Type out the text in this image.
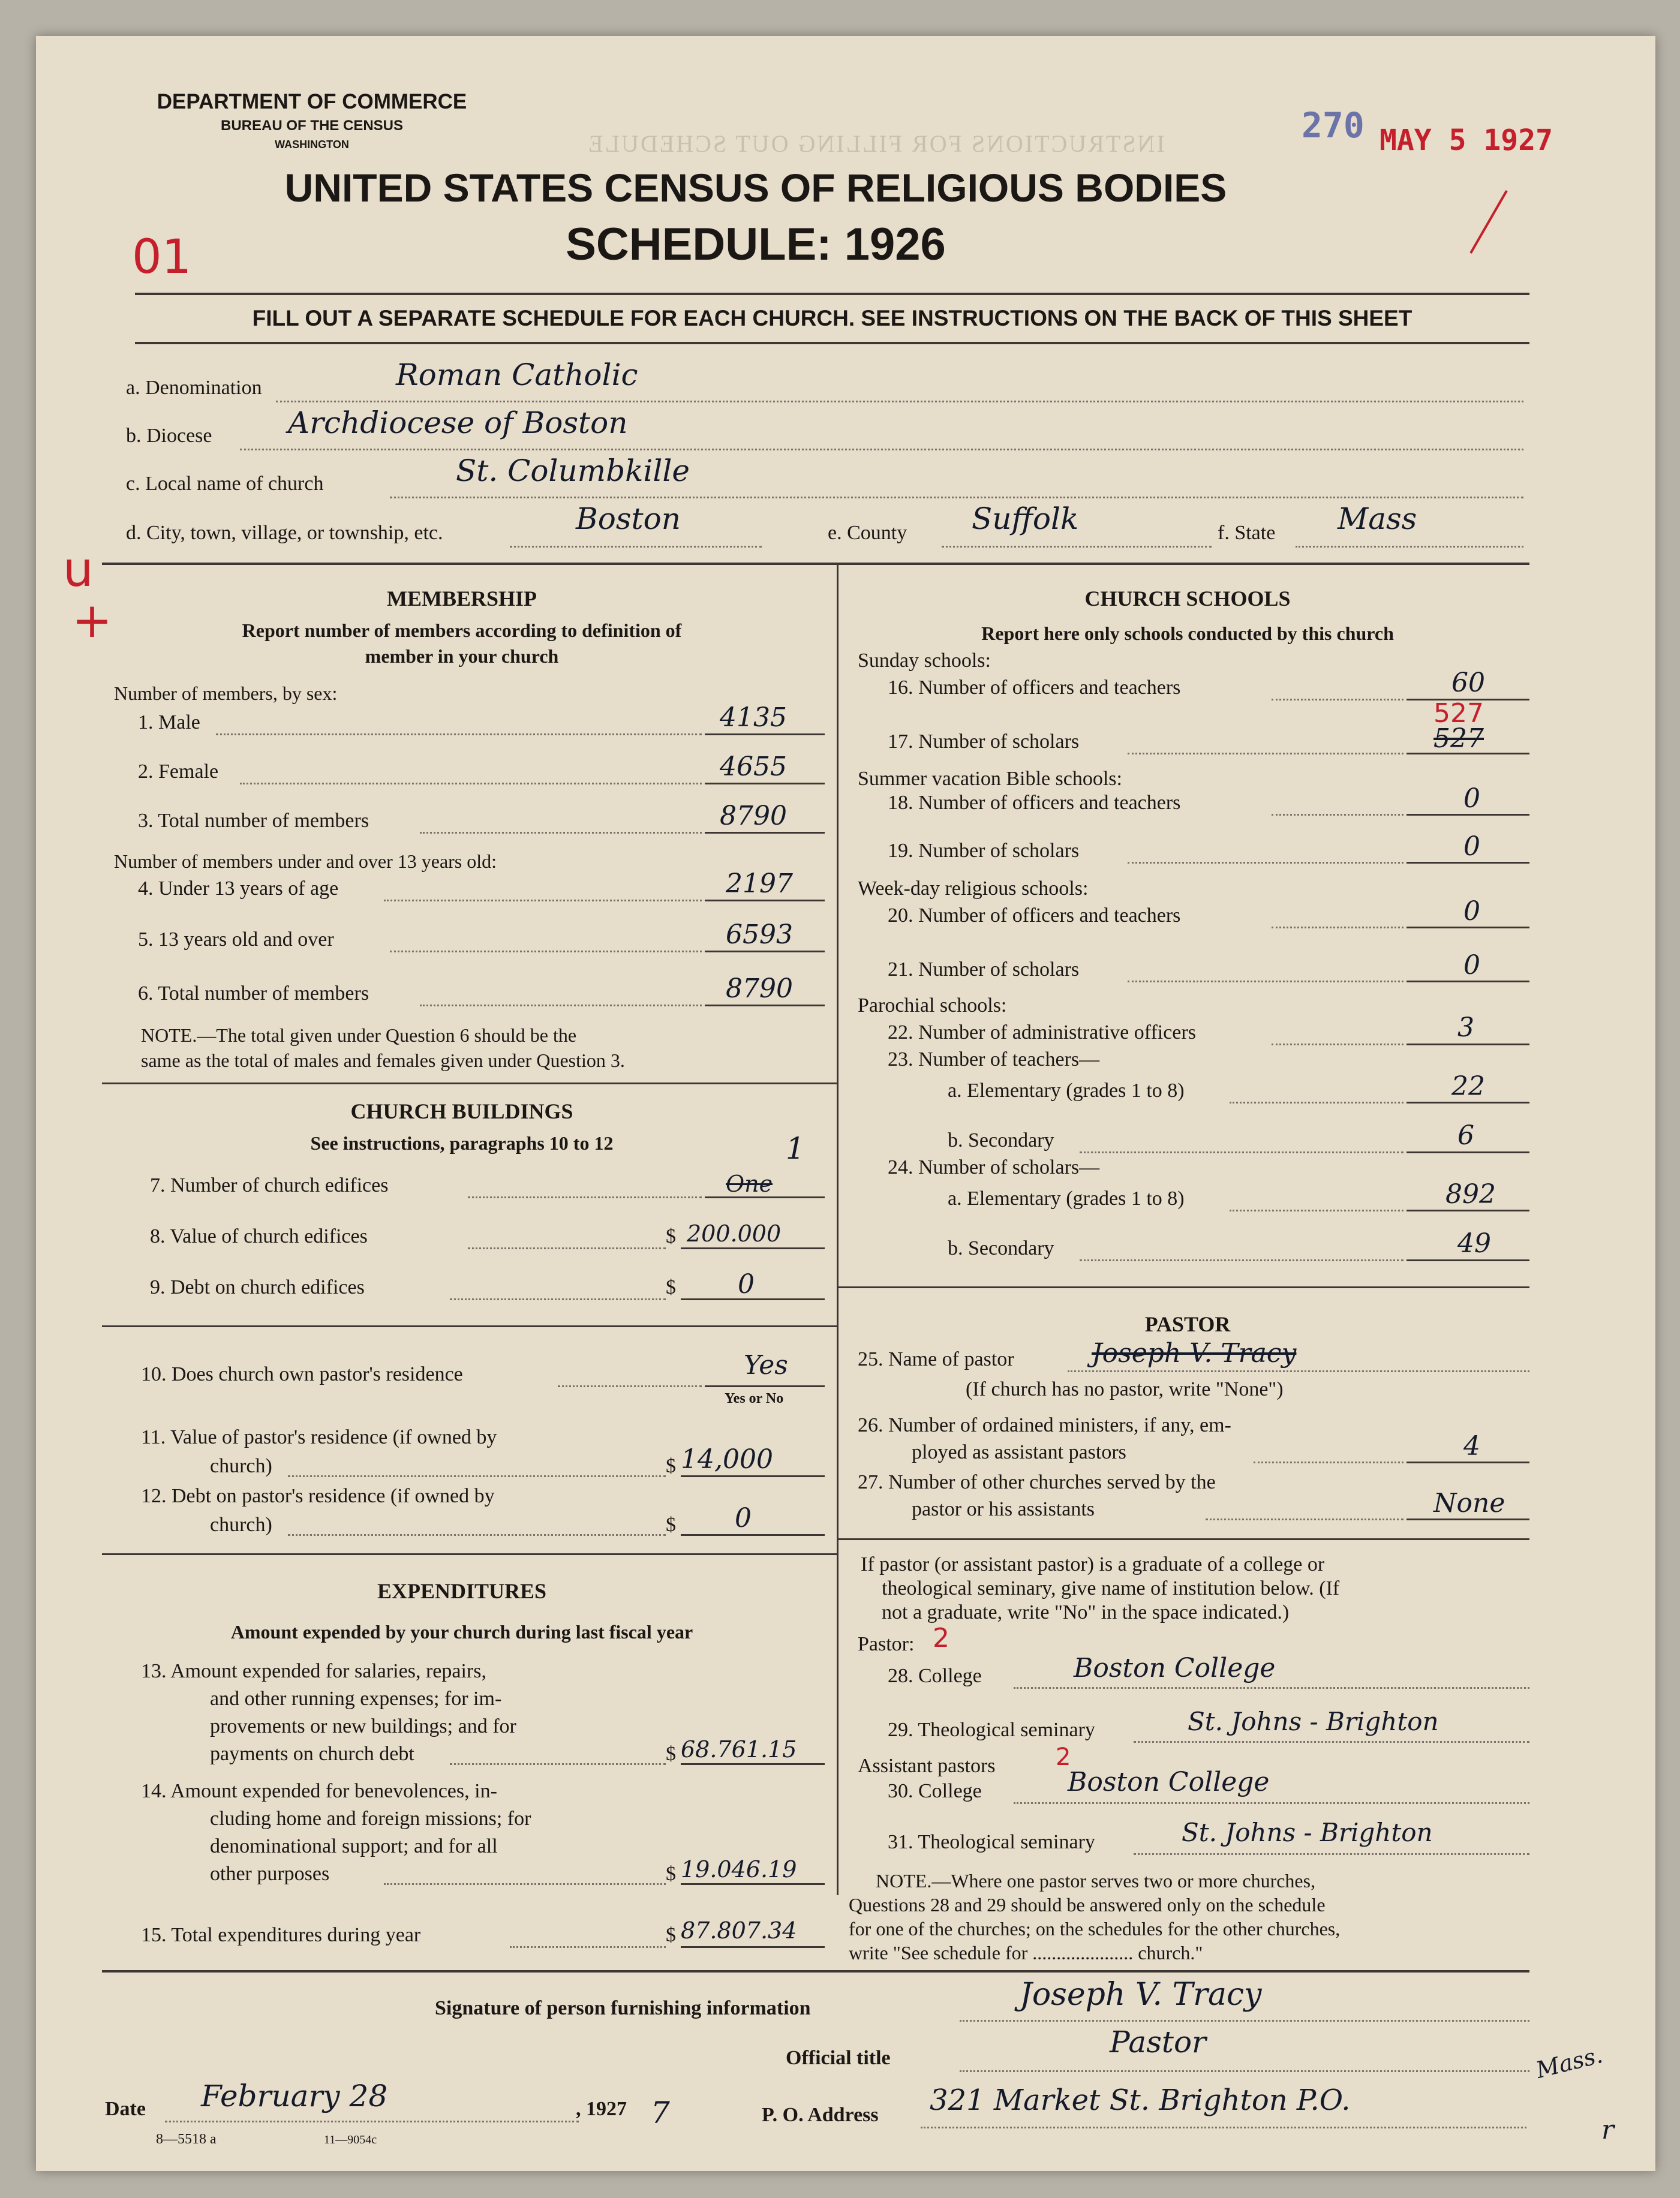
INSTRUCTIONS FOR FILLING OUT SCHEDULE
DEPARTMENT OF COMMERCE
BUREAU OF THE CENSUS
WASHINGTON	270 MAY 5 1927
UNITED STATES CENSUS OF RELIGIOUS BODIES
SCHEDULE: 1926
01
u
+
FILL OUT A SEPARATE SCHEDULE FOR EACH CHURCH. SEE INSTRUCTIONS ON THE BACK OF THIS SHEET
a. Denomination	Roman Catholic
b. Diocese	Archdiocese of Boston
c. Local name of church	St. Columbkille
d. City, town, village, or township, etc.	Boston	e. County Suffolk	f. State Mass
MEMBERSHIP
Report number of members according to definition of
member in your church
Number of members, by sex:
1. Male	4135
2. Female	4655
3. Total number of members	8790
Number of members under and over 13 years old:
4. Under 13 years of age	2197
5. 13 years old and over	6593
6. Total number of members	8790
NOTE.—The total given under Question 6 should be the
same as the total of males and females given under Question 3.
CHURCH BUILDINGS
See instructions, paragraphs 10 to 12
7. Number of church edifices	One
1
8. Value of church edifices	$ 200.000
9. Debt on church edifices	$ 0
10. Does church own pastor's residence	Yes
Yes or No
11. Value of pastor's residence (if owned by
church)	$ 14,000
12. Debt on pastor's residence (if owned by
church)	$ 0
EXPENDITURES
Amount expended by your church during last fiscal year
13. Amount expended for salaries, repairs,
and other running expenses; for im-
provements or new buildings; and for
payments on church debt	$ 68.761.15
14. Amount expended for benevolences, in-
cluding home and foreign missions; for
denominational support; and for all
other purposes	$ 19.046.19
15. Total expenditures during year	$ 87.807.34
CHURCH SCHOOLS
Report here only schools conducted by this church
Sunday schools:
16. Number of officers and teachers	60
527
17. Number of scholars	527
Summer vacation Bible schools:
18. Number of officers and teachers	0
19. Number of scholars	0
Week-day religious schools:
20. Number of officers and teachers	0
21. Number of scholars	0
Parochial schools:
22. Number of administrative officers	3
23. Number of teachers—
a. Elementary (grades 1 to 8)	22
b. Secondary	6
24. Number of scholars—
a. Elementary (grades 1 to 8)	892
b. Secondary	49
PASTOR
25. Name of pastor	Joseph V. Tracy
(If church has no pastor, write "None")
26. Number of ordained ministers, if any, em-
ployed as assistant pastors	4
27. Number of other churches served by the
pastor or his assistants	None
If pastor (or assistant pastor) is a graduate of a college or
theological seminary, give name of institution below. (If
not a graduate, write "No" in the space indicated.)
Pastor: 2
28. College	Boston College
29. Theological seminary	St. Johns - Brighton
Assistant pastors	2
30. College	Boston College
31. Theological seminary	St. Johns - Brighton
NOTE.—Where one pastor serves two or more churches,
Questions 28 and 29 should be answered only on the schedule
for one of the churches; on the schedules for the other churches,
write "See schedule for ..................... church."
Signature of person furnishing information	Joseph V. Tracy
Official title	Pastor
Date February 28	, 1927 7
8—5518 a	11—9054c
P. O. Address 321 Market St. Brighton P.O.
Mass.
r
